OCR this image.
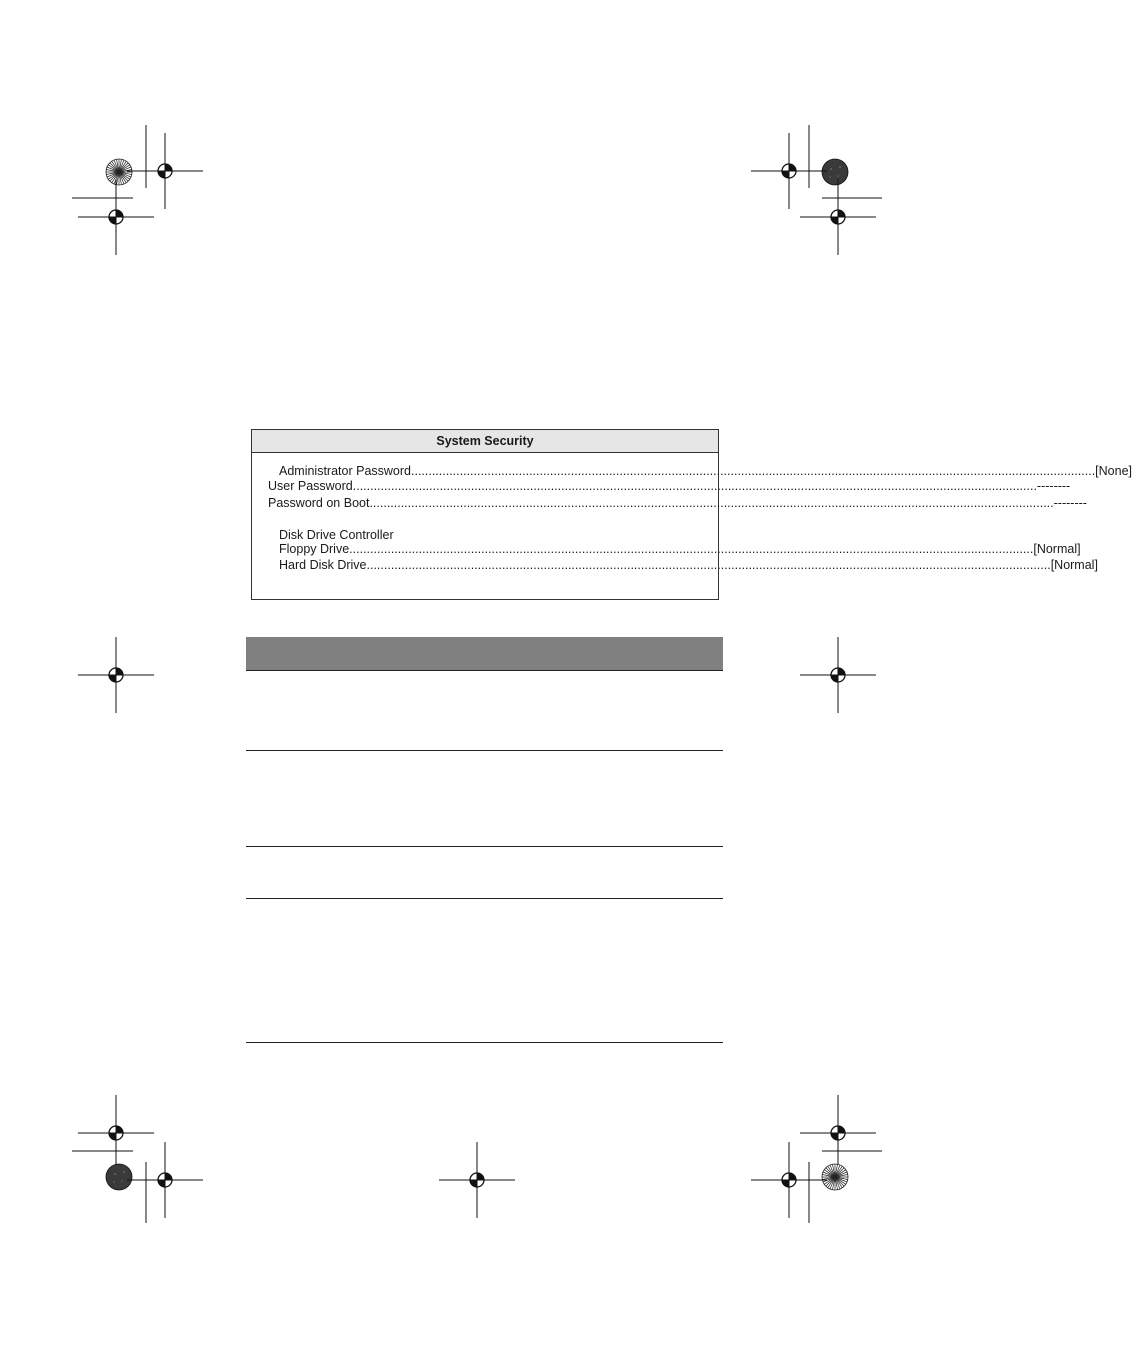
System Security
Administrator Password ..................................................................................................................................................................................................... [None]
User Password ..................................................................................................................................................................................................... --------
Password on Boot ..................................................................................................................................................................................................... --------
Disk Drive Controller
Floppy Drive ..................................................................................................................................................................................................... [Normal]
Hard Disk Drive ..................................................................................................................................................................................................... [Normal]
